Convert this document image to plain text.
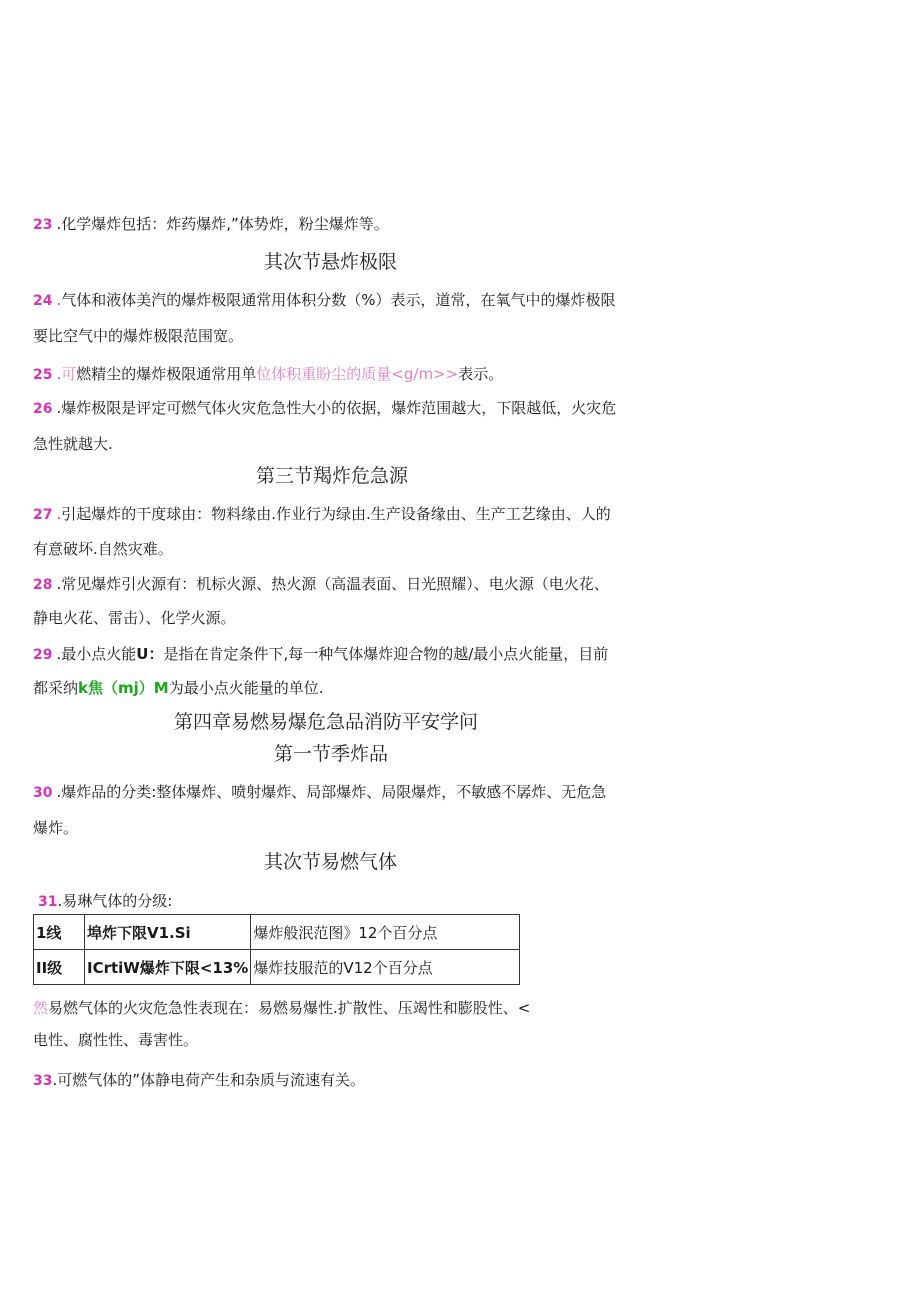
23 .化学爆炸包括：炸药爆炸,”体势炸，粉尘爆炸等。
其次节悬炸极限
24 .气体和液体美汽的爆炸极限通常用体积分数（%）表示，道常，在氧气中的爆炸极限
要比空气中的爆炸极限范围宽。
25 .可燃精尘的爆炸极限通常用单位体积重盼尘的质量<g/m>>表示。
26 .爆炸极限是评定可燃气体火灾危急性大小的依据，爆炸范围越大，下限越低，火灾危
急性就越大.
第三节羯炸危急源
27 .引起爆炸的干度球由：物料缘由.作业行为绿由.生产设备缘由、生产工艺缘由、人的
有意破坏.自然灾难。
28 .常见爆炸引火源有：机标火源、热火源（高温表面、日光照耀）、电火源（电火花、
静电火花、雷击）、化学火源。
29 .最小点火能U：是指在肯定条件下,每一种气体爆炸迎合物的越/最小点火能量，目前
都采纳k焦（mj）M为最小点火能量的单位.
第四章易燃易爆危急品消防平安学问
第一节季炸品
30 .爆炸品的分类:整体爆炸、喷射爆炸、局部爆炸、局限爆炸，不敏感不孱炸、无危急
爆炸。
其次节易燃气体
31.易琳气体的分级:
1线	埠炸下限V1.Si	爆炸般泯范图》12个百分点
II级	ICrtiW爆炸下限<13%	爆炸技服范的V12个百分点
然易燃气体的火灾危急性表现在：易燃易爆性.扩散性、压竭性和膨股性、<
电性、腐性性、毒害性。
33.可燃气体的”体静电荷产生和杂质与流速有关。
